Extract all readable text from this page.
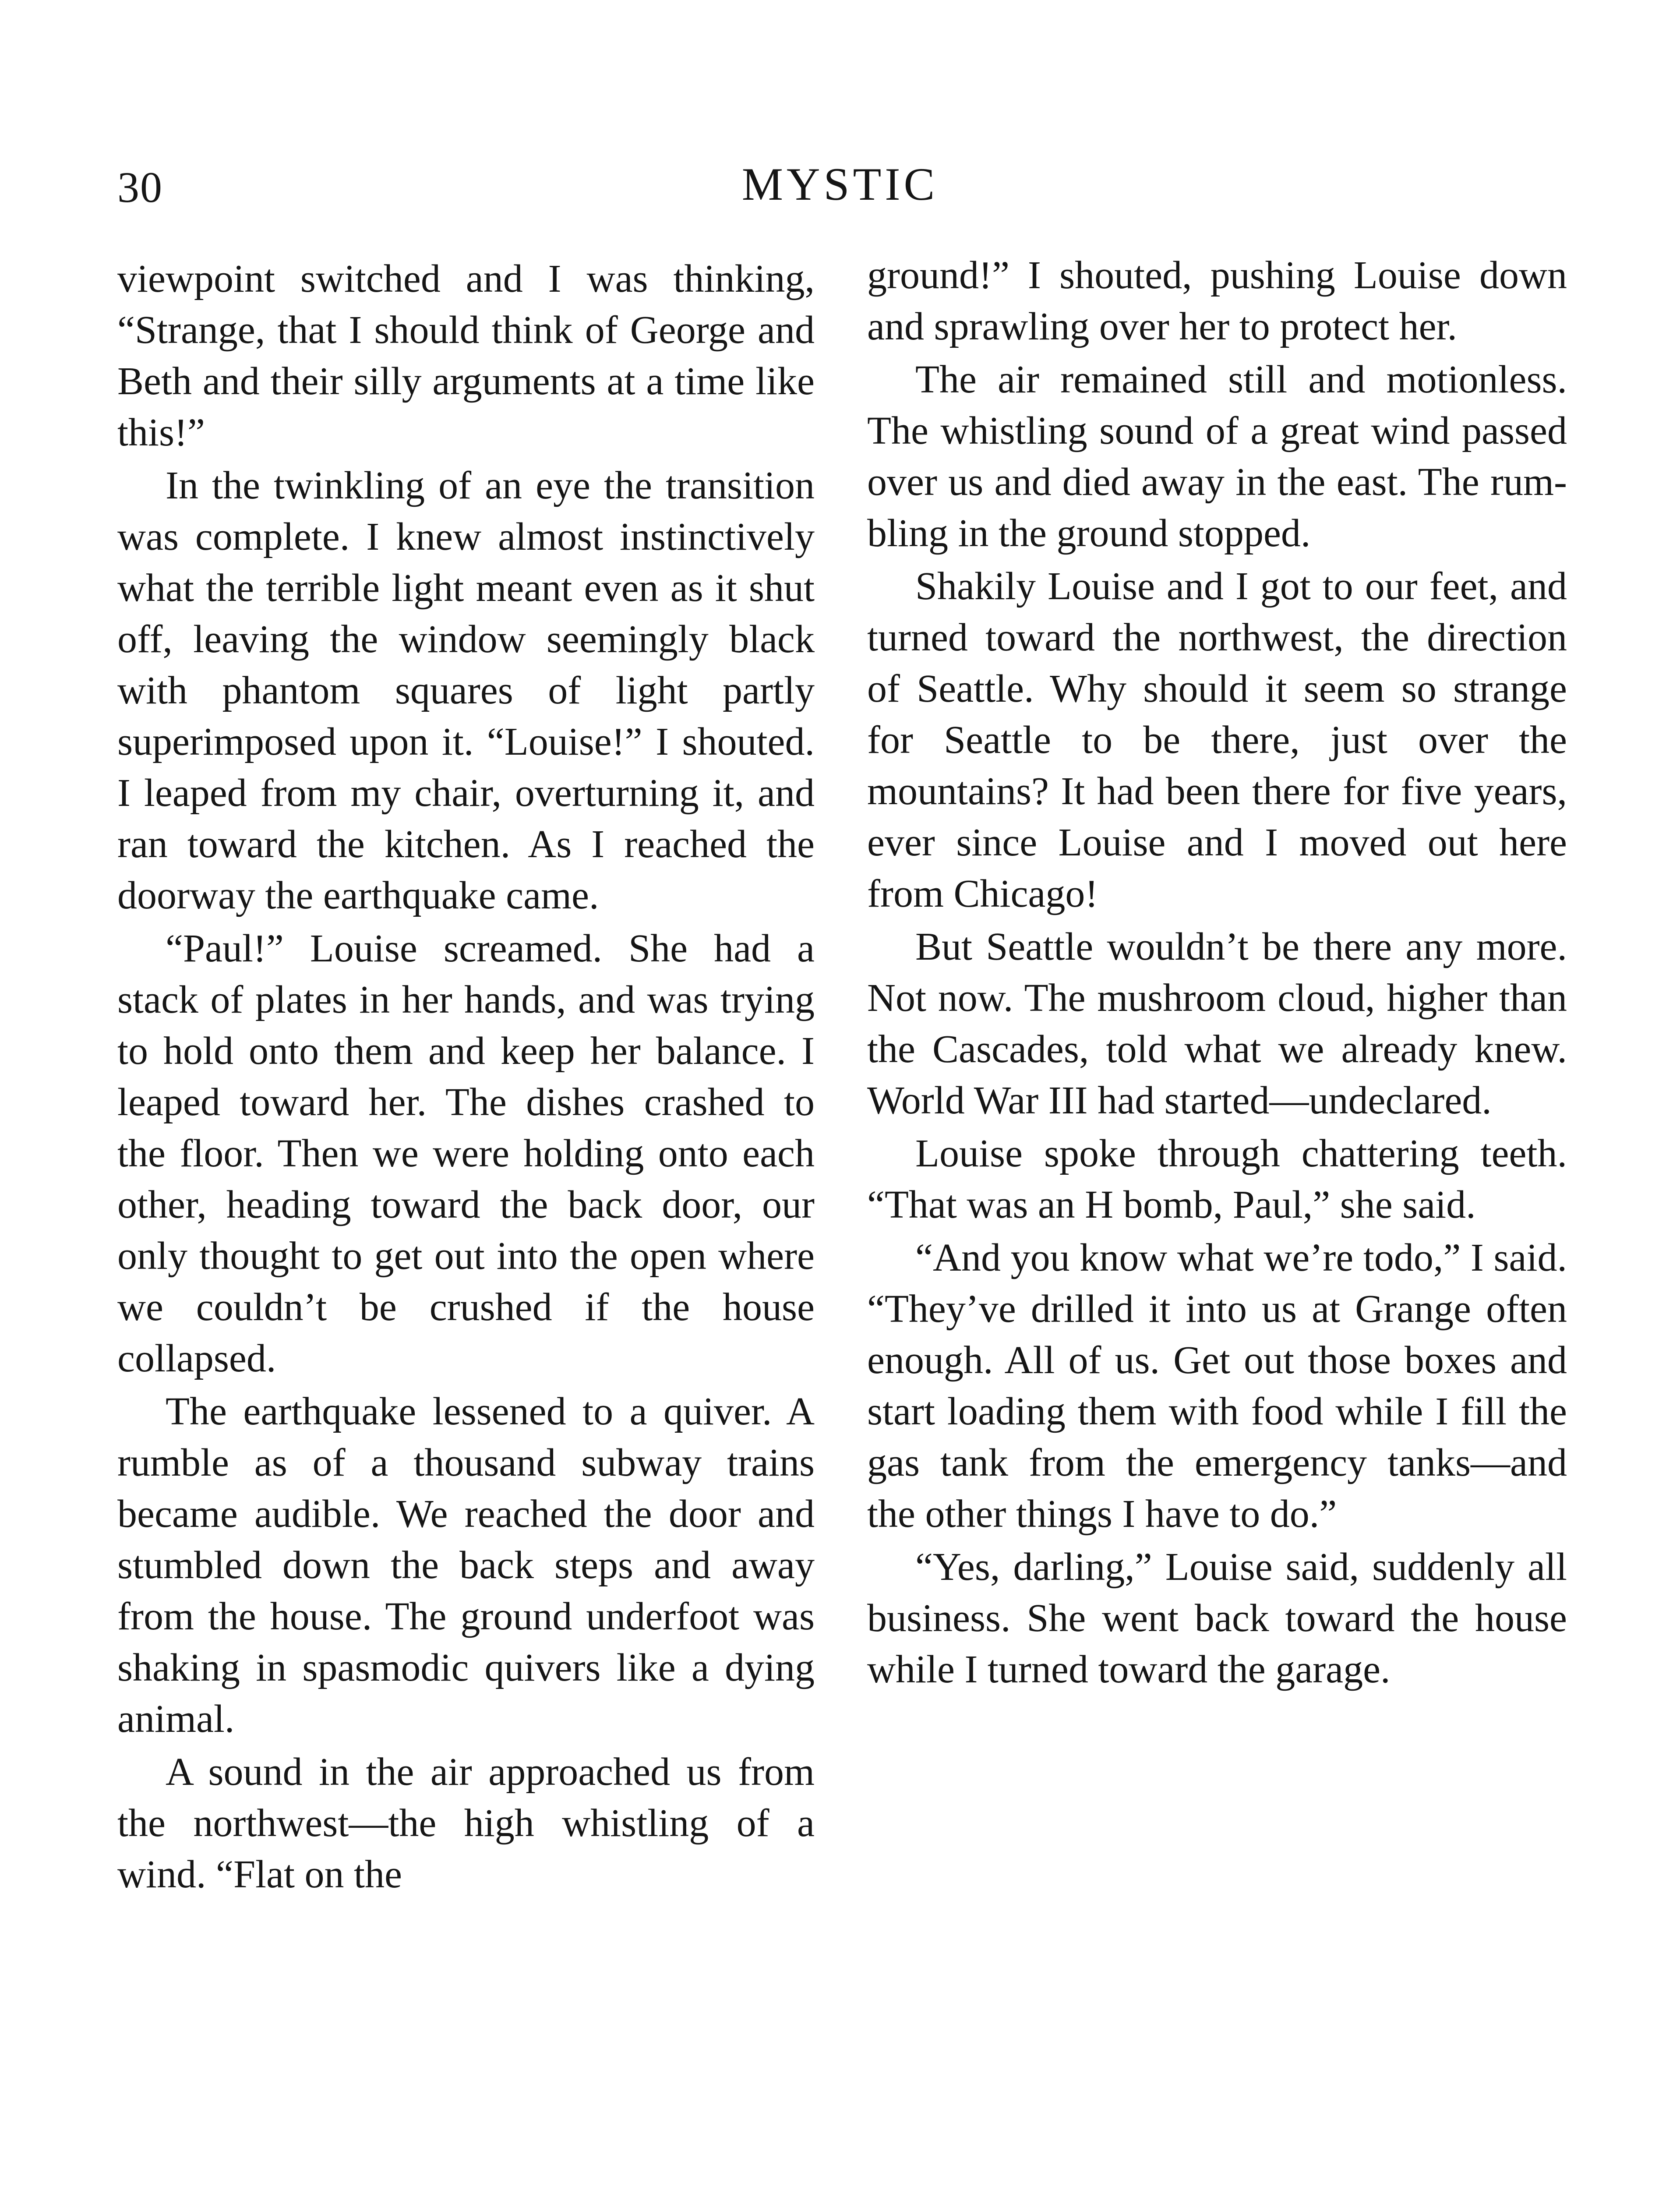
30	MYSTIC

viewpoint switched and I was thinking, “Strange, that I should think of George and Beth and their silly arguments at a time like this!”

In the twinkling of an eye the transition was complete. I knew almost instinctively what the terrible light meant even as it shut off, leaving the window seemingly black with phantom squares of light partly superimposed upon it. “Louise!” I shouted. I leaped from my chair, overturning it, and ran toward the kitchen. As I reached the doorway the earthquake came.

“Paul!” Louise screamed. She had a stack of plates in her hands, and was trying to hold onto them and keep her balance. I leaped toward her. The dishes crashed to the floor. Then we were holding onto each other, heading toward the back door, our only thought to get out into the open where we couldn’t be crushed if the house collapsed.

The earthquake lessened to a quiver. A rumble as of a thousand subway trains became audible. We reached the door and stumbled down the back steps and away from the house. The ground underfoot was shaking in spasmodic quivers like a dying animal.

A sound in the air approached us from the northwest—the high whistling of a wind. “Flat on the

ground!” I shouted, pushing Louise down and sprawling over her to protect her.

The air remained still and motionless. The whistling sound of a great wind passed over us and died away in the east. The rumbling in the ground stopped.

Shakily Louise and I got to our feet, and turned toward the northwest, the direction of Seattle. Why should it seem so strange for Seattle to be there, just over the mountains? It had been there for five years, ever since Louise and I moved out here from Chicago!

But Seattle wouldn’t be there any more. Not now. The mushroom cloud, higher than the Cascades, told what we already knew. World War III had started—undeclared.

Louise spoke through chattering teeth. “That was an H bomb, Paul,” she said.

“And you know what we’re todo,” I said. “They’ve drilled it into us at Grange often enough. All of us. Get out those boxes and start loading them with food while I fill the gas tank from the emergency tanks—and the other things I have to do.”

“Yes, darling,” Louise said, suddenly all business. She went back toward the house while I turned toward the garage.
